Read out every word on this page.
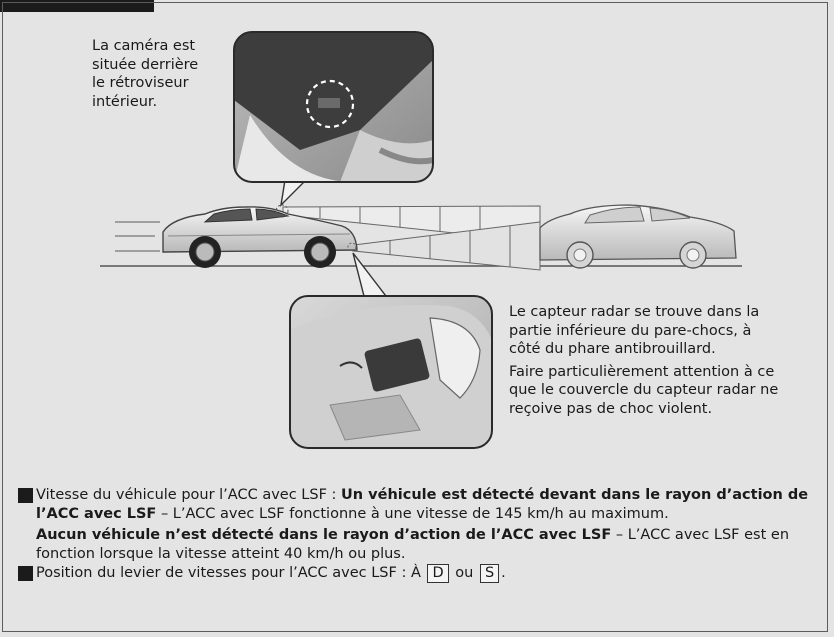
La caméra est
située derrière
le rétroviseur
intérieur.

Le capteur radar se trouve dans la

partie inférieure du pare-chocs, à

côté du phare antibrouillard.

Faire particulièrement attention à ce

que le couvercle du capteur radar ne

reçoive pas de choc violent.

Vitesse du véhicule pour l’ACC avec LSF : Un véhicule est détecté devant dans le rayon d’action de l’ACC avec LSF – L’ACC avec LSF fonctionne à une vitesse de 145 km/h au maximum.
Aucun véhicule n’est détecté dans le rayon d’action de l’ACC avec LSF – L’ACC avec LSF est en fonction lorsque la vitesse atteint 40 km/h ou plus.
Position du levier de vitesses pour l’ACC avec LSF : À D ou S .
